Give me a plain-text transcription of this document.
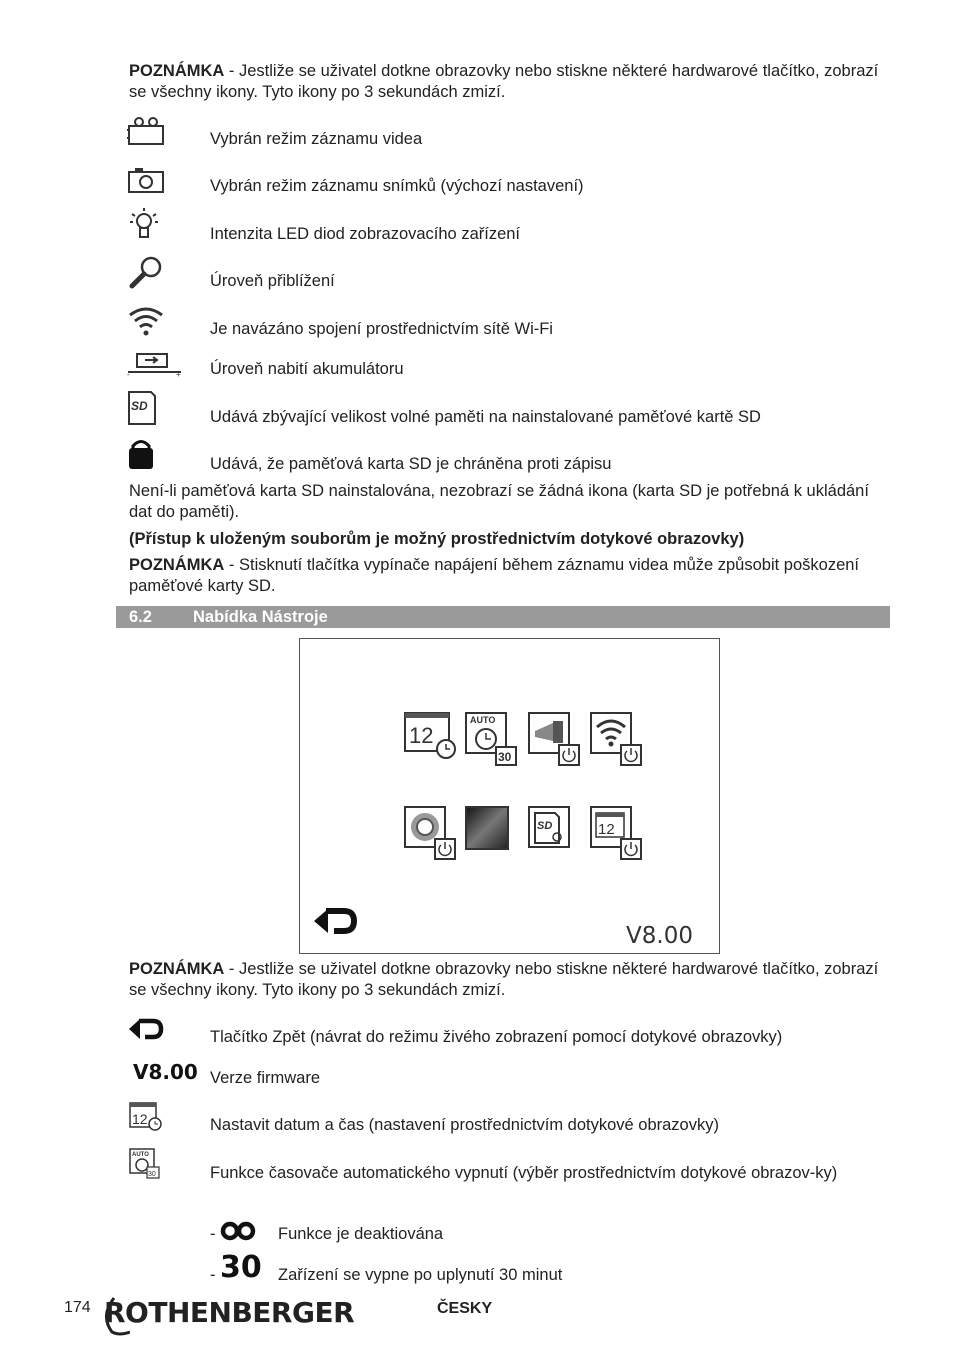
POZNÁMKA - Jestliže se uživatel dotkne obrazovky nebo stiskne některé hardwarové tlačítko, zobrazí se všechny ikony. Tyto ikony po 3 sekundách zmizí.
Vybrán režim záznamu videa
Vybrán režim záznamu snímků (výchozí nastavení)
Intenzita LED diod zobrazovacího zařízení
Úroveň přiblížení
Je navázáno spojení prostřednictvím sítě Wi-Fi
-	+ Úroveň nabití akumulátoru
SD
Udává zbývající velikost volné paměti na nainstalované paměťové kartě SD
Udává, že paměťová karta SD je chráněna proti zápisu
Není-li paměťová karta SD nainstalována, nezobrazí se žádná ikona (karta SD je potřebná k ukládání dat do paměti).
(Přístup k uloženým souborům je možný prostřednictvím dotykové obrazovky)
POZNÁMKA - Stisknutí tlačítka vypínače napájení během záznamu videa může způsobit poškození paměťové karty SD.
6.2 Nabídka Nástroje
12
AUTO
30
SD	12
V8.00
POZNÁMKA - Jestliže se uživatel dotkne obrazovky nebo stiskne některé hardwarové tlačítko, zobrazí se všechny ikony. Tyto ikony po 3 sekundách zmizí.
Tlačítko Zpět (návrat do režimu živého zobrazení pomocí dotykové obrazovky)
V8.00 Verze firmware
12	Nastavit datum a čas (nastavení prostřednictvím dotykové obrazovky)
AUTO
30	Funkce časovače automatického vypnutí (výběr prostřednictvím dotykové obrazov-ky)
-	Funkce je deaktiována
- 30 Zařízení se vypne po uplynutí 30 minut
174 ROTHENBERGER	ČESKY
